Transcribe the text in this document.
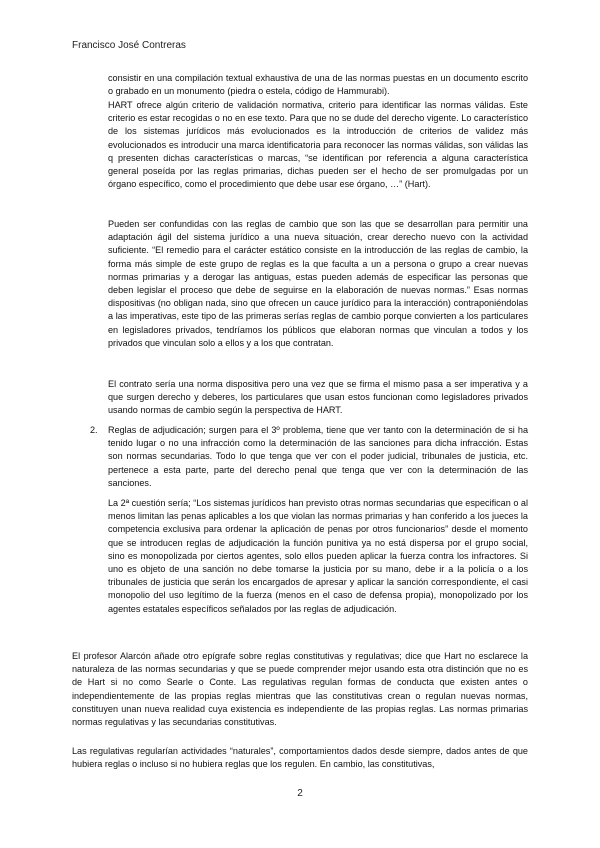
Francisco José Contreras

consistir en una compilación textual exhaustiva de una de las normas puestas en un documento escrito o grabado en un monumento (piedra o estela, código de Hammurabi).

HART ofrece algún criterio de validación normativa, criterio para identificar las normas válidas. Este criterio es estar recogidas o no en ese texto. Para que no se dude del derecho vigente. Lo característico de los sistemas jurídicos más evolucionados es la introducción de criterios de validez más evolucionados es introducir una marca identificatoria para reconocer las normas válidas, son válidas las q presenten dichas características o marcas, “se identifican por referencia a alguna característica general poseída por las reglas primarias, dichas pueden ser el hecho de ser promulgadas por un órgano específico, como el procedimiento que debe usar ese órgano, …” (Hart).

Pueden ser confundidas con las reglas de cambio que son las que se desarrollan para permitir una adaptación ágil del sistema jurídico a una nueva situación, crear derecho nuevo con la actividad suficiente. “El remedio para el carácter estático consiste en la introducción de las reglas de cambio, la forma más simple de este grupo de reglas es la que faculta a un a persona o grupo a crear nuevas normas primarias y a derogar las antiguas, estas pueden además de especificar las personas que deben legislar el proceso que debe de seguirse en la elaboración de nuevas normas.” Esas normas dispositivas (no obligan nada, sino que ofrecen un cauce jurídico para la interacción) contraponiéndolas a las imperativas, este tipo de las primeras serías reglas de cambio porque convierten a los particulares en legisladores privados, tendríamos los públicos que elaboran normas que vinculan a todos y los privados que vinculan solo a ellos y a los que contratan.

El contrato sería una norma dispositiva pero una vez que se firma el mismo pasa a ser imperativa y a que surgen derecho y deberes, los particulares que usan estos funcionan como legisladores privados usando normas de cambio según la perspectiva de HART.

2. Reglas de adjudicación; surgen para el 3º problema, tiene que ver tanto con la determinación de si ha tenido lugar o no una infracción como la determinación de las sanciones para dicha infracción. Estas son normas secundarias. Todo lo que tenga que ver con el poder judicial, tribunales de justicia, etc. pertenece a esta parte, parte del derecho penal que tenga que ver con la determinación de las sanciones.

La 2ª cuestión sería; “Los sistemas jurídicos han previsto otras normas secundarias que especifican o al menos limitan las penas aplicables a los que violan las normas primarias y han conferido a los jueces la competencia exclusiva para ordenar la aplicación de penas por otros funcionarios” desde el momento que se introducen reglas de adjudicación la función punitiva ya no está dispersa por el grupo social, sino es monopolizada por ciertos agentes, solo ellos pueden aplicar la fuerza contra los infractores. Si uno es objeto de una sanción no debe tomarse la justicia por su mano, debe ir a la policía o a los tribunales de justicia que serán los encargados de apresar y aplicar la sanción correspondiente, el casi monopolio del uso legítimo de la fuerza (menos en el caso de defensa propia), monopolizado por los agentes estatales específicos señalados por las reglas de adjudicación.

El profesor Alarcón añade otro epígrafe sobre reglas constitutivas y regulativas; dice que Hart no esclarece la naturaleza de las normas secundarias y que se puede comprender mejor usando esta otra distinción que no es de Hart si no como Searle o Conte. Las regulativas regulan formas de conducta que existen antes o independientemente de las propias reglas mientras que las constitutivas crean o regulan nuevas normas, constituyen unan nueva realidad cuya existencia es independiente de las propias reglas. Las normas primarias normas regulativas y las secundarias constitutivas.

Las regulativas regularían actividades “naturales”, comportamientos dados desde siempre, dados antes de que hubiera reglas o incluso si no hubiera reglas que los regulen. En cambio, las constitutivas,

2
